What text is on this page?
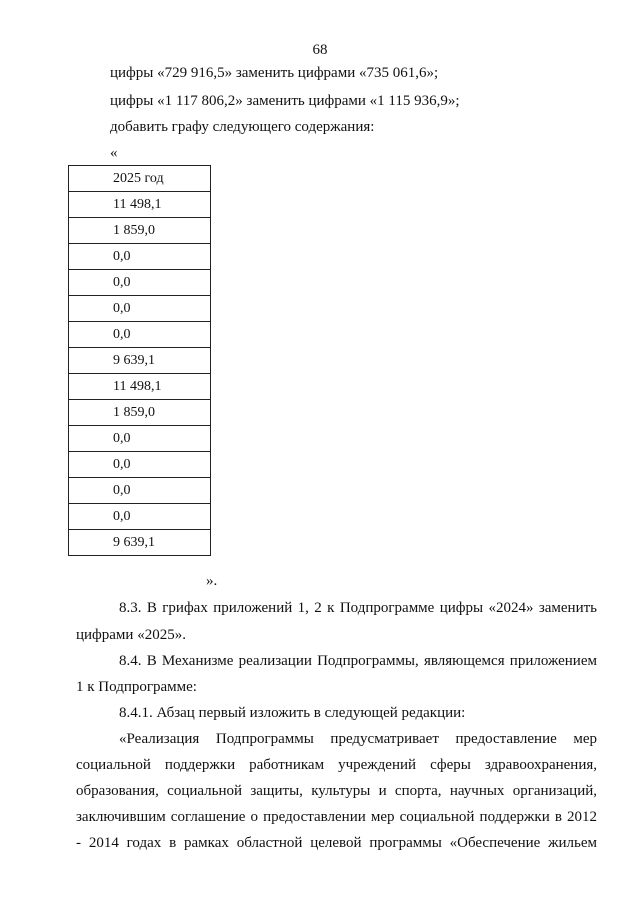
68
цифры «729 916,5» заменить цифрами «735 061,6»;
цифры «1 117 806,2» заменить цифрами «1 115 936,9»;
добавить графу следующего содержания:
«
2025 год
11 498,1
1 859,0
0,0
0,0
0,0
0,0
9 639,1
11 498,1
1 859,0
0,0
0,0
0,0
0,0
9 639,1
».
8.3. В грифах приложений 1, 2 к Подпрограмме цифры «2024» заменить
цифрами «2025».
8.4. В Механизме реализации Подпрограммы, являющемся приложением
1 к Подпрограмме:
8.4.1. Абзац первый изложить в следующей редакции:
«Реализация Подпрограммы предусматривает предоставление мер
социальной поддержки работникам учреждений сферы здравоохранения,
образования, социальной защиты, культуры и спорта, научных организаций,
заключившим соглашение о предоставлении мер социальной поддержки в 2012
- 2014 годах в рамках областной целевой программы «Обеспечение жильем
